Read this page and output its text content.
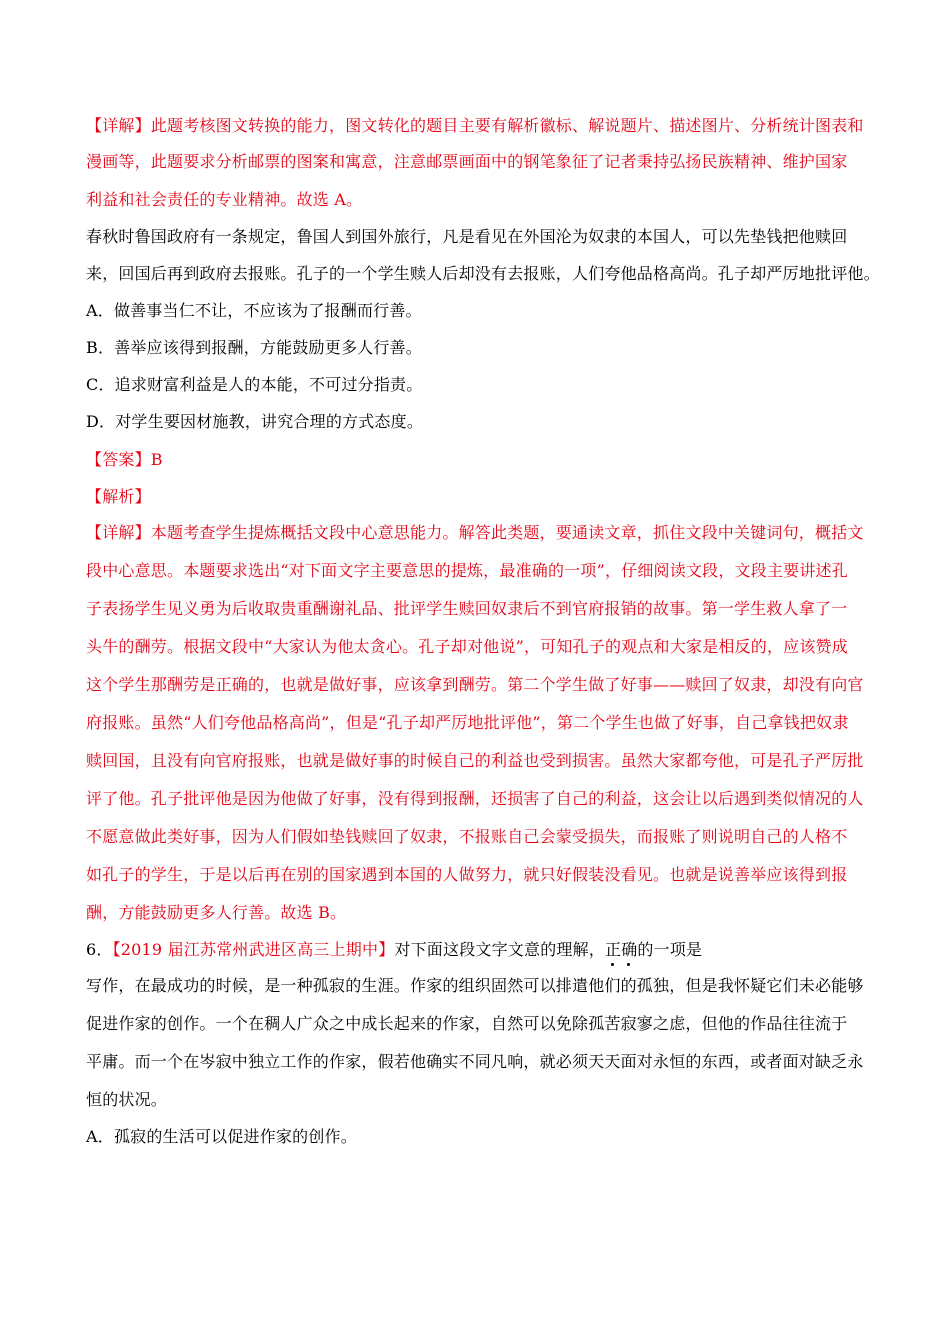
【详解】此题考核图文转换的能力，图文转化的题目主要有解析徽标、解说题片、描述图片、分析统计图表和
漫画等，此题要求分析邮票的图案和寓意，注意邮票画面中的钢笔象征了记者秉持弘扬民族精神、维护国家
利益和社会责任的专业精神。故选 A。
春秋时鲁国政府有一条规定，鲁国人到国外旅行，凡是看见在外国沦为奴隶的本国人，可以先垫钱把他赎回
来，回国后再到政府去报账。孔子的一个学生赎人后却没有去报账，人们夸他品格高尚。孔子却严厉地批评他。
A．做善事当仁不让，不应该为了报酬而行善。
B．善举应该得到报酬，方能鼓励更多人行善。
C．追求财富利益是人的本能，不可过分指责。
D．对学生要因材施教，讲究合理的方式态度。
【答案】B
【解析】
【详解】本题考查学生提炼概括文段中心意思能力。解答此类题，要通读文章，抓住文段中关键词句，概括文
段中心意思。本题要求选出“对下面文字主要意思的提炼，最准确的一项”，仔细阅读文段，文段主要讲述孔
子表扬学生见义勇为后收取贵重酬谢礼品、批评学生赎回奴隶后不到官府报销的故事。第一学生救人拿了一
头牛的酬劳。根据文段中“大家认为他太贪心。孔子却对他说”，可知孔子的观点和大家是相反的，应该赞成
这个学生那酬劳是正确的，也就是做好事，应该拿到酬劳。第二个学生做了好事——赎回了奴隶，却没有向官
府报账。虽然“人们夸他品格高尚”，但是“孔子却严厉地批评他”，第二个学生也做了好事，自己拿钱把奴隶
赎回国，且没有向官府报账，也就是做好事的时候自己的利益也受到损害。虽然大家都夸他，可是孔子严厉批
评了他。孔子批评他是因为他做了好事，没有得到报酬，还损害了自己的利益，这会让以后遇到类似情况的人
不愿意做此类好事，因为人们假如垫钱赎回了奴隶，不报账自己会蒙受损失，而报账了则说明自己的人格不
如孔子的学生，于是以后再在别的国家遇到本国的人做努力，就只好假装没看见。也就是说善举应该得到报
酬，方能鼓励更多人行善。故选 B。
6．【2019 届江苏常州武进区高三上期中】对下面这段文字文意的理解，正确
的一项是
写作，在最成功的时候，是一种孤寂的生涯。作家的组织固然可以排遣他们的孤独，但是我怀疑它们未必能够
促进作家的创作。一个在稠人广众之中成长起来的作家，自然可以免除孤苦寂寥之虑，但他的作品往往流于
平庸。而一个在岑寂中独立工作的作家，假若他确实不同凡响，就必须天天面对永恒的东西，或者面对缺乏永
恒的状况。
A．孤寂的生活可以促进作家的创作。
